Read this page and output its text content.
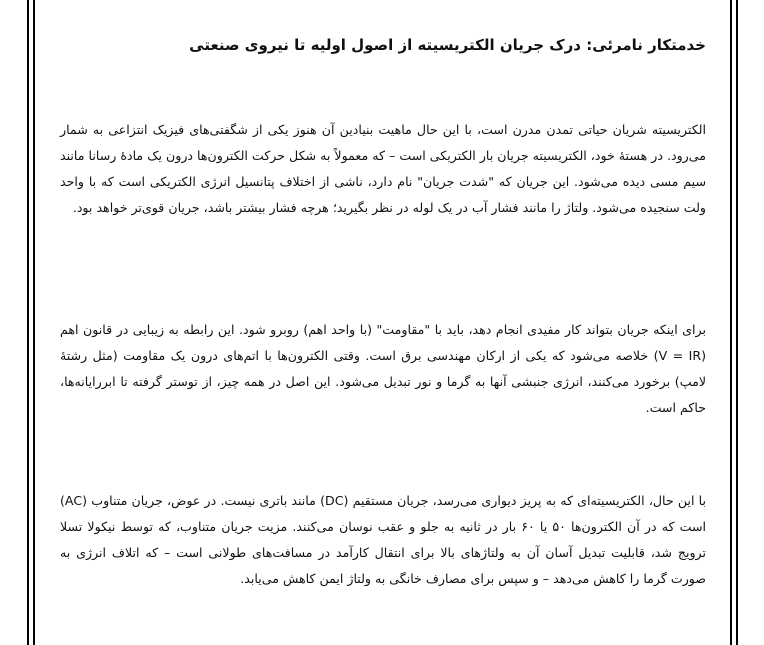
خدمتکار نامرئی: درک جریان الکتریسیته از اصول اولیه تا نیروی صنعتی

الکتریسیته شریان حیاتی تمدن مدرن است، با این حال ماهیت بنیادین آن هنوز یکی از شگفتی‌های فیزیک انتزاعی به شمار می‌رود. در هستهٔ خود، الکتریسیته جریان بار الکتریکی است – که معمولاً به شکل حرکت الکترون‌ها درون یک مادهٔ رسانا مانند سیم مسی دیده می‌شود. این جریان که "شدت جریان" نام دارد، ناشی از اختلاف پتانسیل انرژی الکتریکی است که با واحد ولت سنجیده می‌شود. ولتاژ را مانند فشار آب در یک لوله در نظر بگیرید؛ هرچه فشار بیشتر باشد، جریان قوی‌تر خواهد بود.

برای اینکه جریان بتواند کار مفیدی انجام دهد، باید با "مقاومت" (با واحد اهم) روبرو شود. این رابطه به زیبایی در قانون اهم (V = IR) خلاصه می‌شود که یکی از ارکان مهندسی برق است. وقتی الکترون‌ها با اتم‌های درون یک مقاومت (مثل رشتهٔ لامپ) برخورد می‌کنند، انرژی جنبشی آنها به گرما و نور تبدیل می‌شود. این اصل در همه چیز، از توستر گرفته تا ابررایانه‌ها، حاکم است.

با این حال، الکتریسیته‌ای که به پریز دیواری می‌رسد، جریان مستقیم (DC) مانند باتری نیست. در عوض، جریان متناوب (AC) است که در آن الکترون‌ها ۵۰ یا ۶۰ بار در ثانیه به جلو و عقب نوسان می‌کنند. مزیت جریان متناوب، که توسط نیکولا تسلا ترویج شد، قابلیت تبدیل آسان آن به ولتاژهای بالا برای انتقال کارآمد در مسافت‌های طولانی است – که اتلاف انرژی به صورت گرما را کاهش می‌دهد – و سپس برای مصارف خانگی به ولتاژ ایمن کاهش می‌یابد.
